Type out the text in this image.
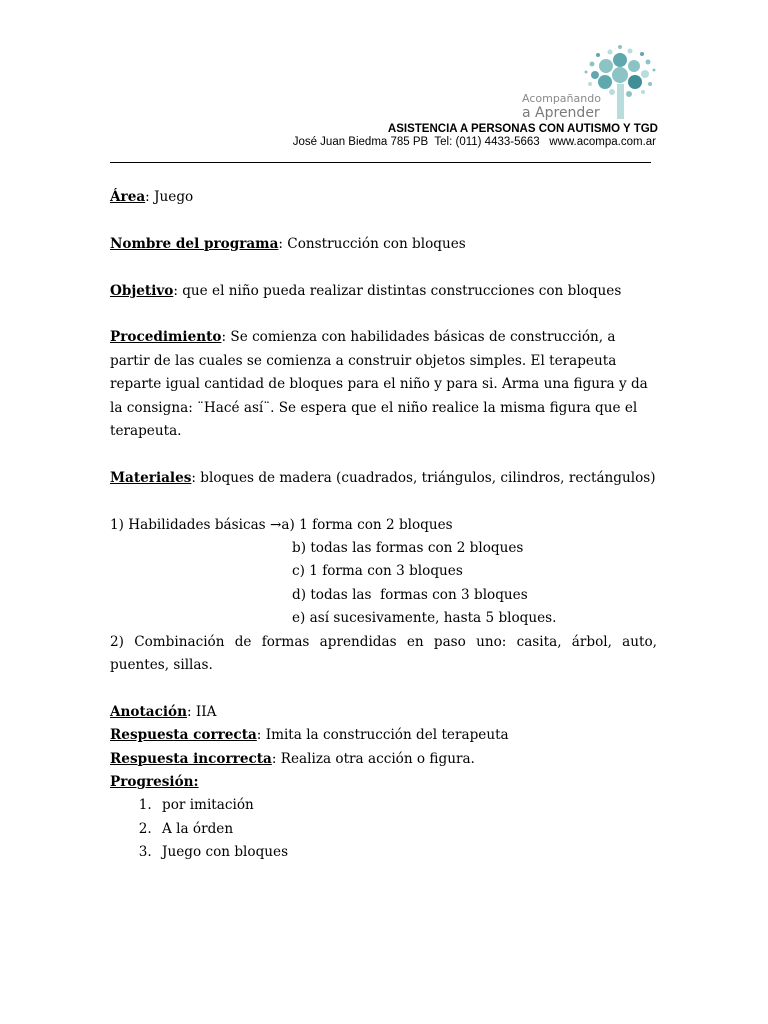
Acompañando
a Aprender
ASISTENCIA A PERSONAS CON AUTISMO Y TGD
José Juan Biedma 785 PB  Tel: (011) 4433-5663   www.acompa.com.ar

Área: Juego

Nombre del programa: Construcción con bloques

Objetivo: que el niño pueda realizar distintas construcciones con bloques

Procedimiento: Se comienza con habilidades básicas de construcción, a partir de las cuales se comienza a construir objetos simples. El terapeuta reparte igual cantidad de bloques para el niño y para si. Arma una figura y da la consigna: ¨Hacé así¨. Se espera que el niño realice la misma figura que el terapeuta.

Materiales: bloques de madera (cuadrados, triángulos, cilindros, rectángulos)

1) Habilidades básicas →a) 1 forma con 2 bloques

b) todas las formas con 2 bloques

c) 1 forma con 3 bloques

d) todas las  formas con 3 bloques

e) así sucesivamente, hasta 5 bloques.

2) Combinación de formas aprendidas en paso uno: casita, árbol, auto, puentes, sillas.

Anotación: IIA

Respuesta correcta: Imita la construcción del terapeuta

Respuesta incorrecta: Realiza otra acción o figura.

Progresión:

1. por imitación
2. A la órden
3. Juego con bloques
